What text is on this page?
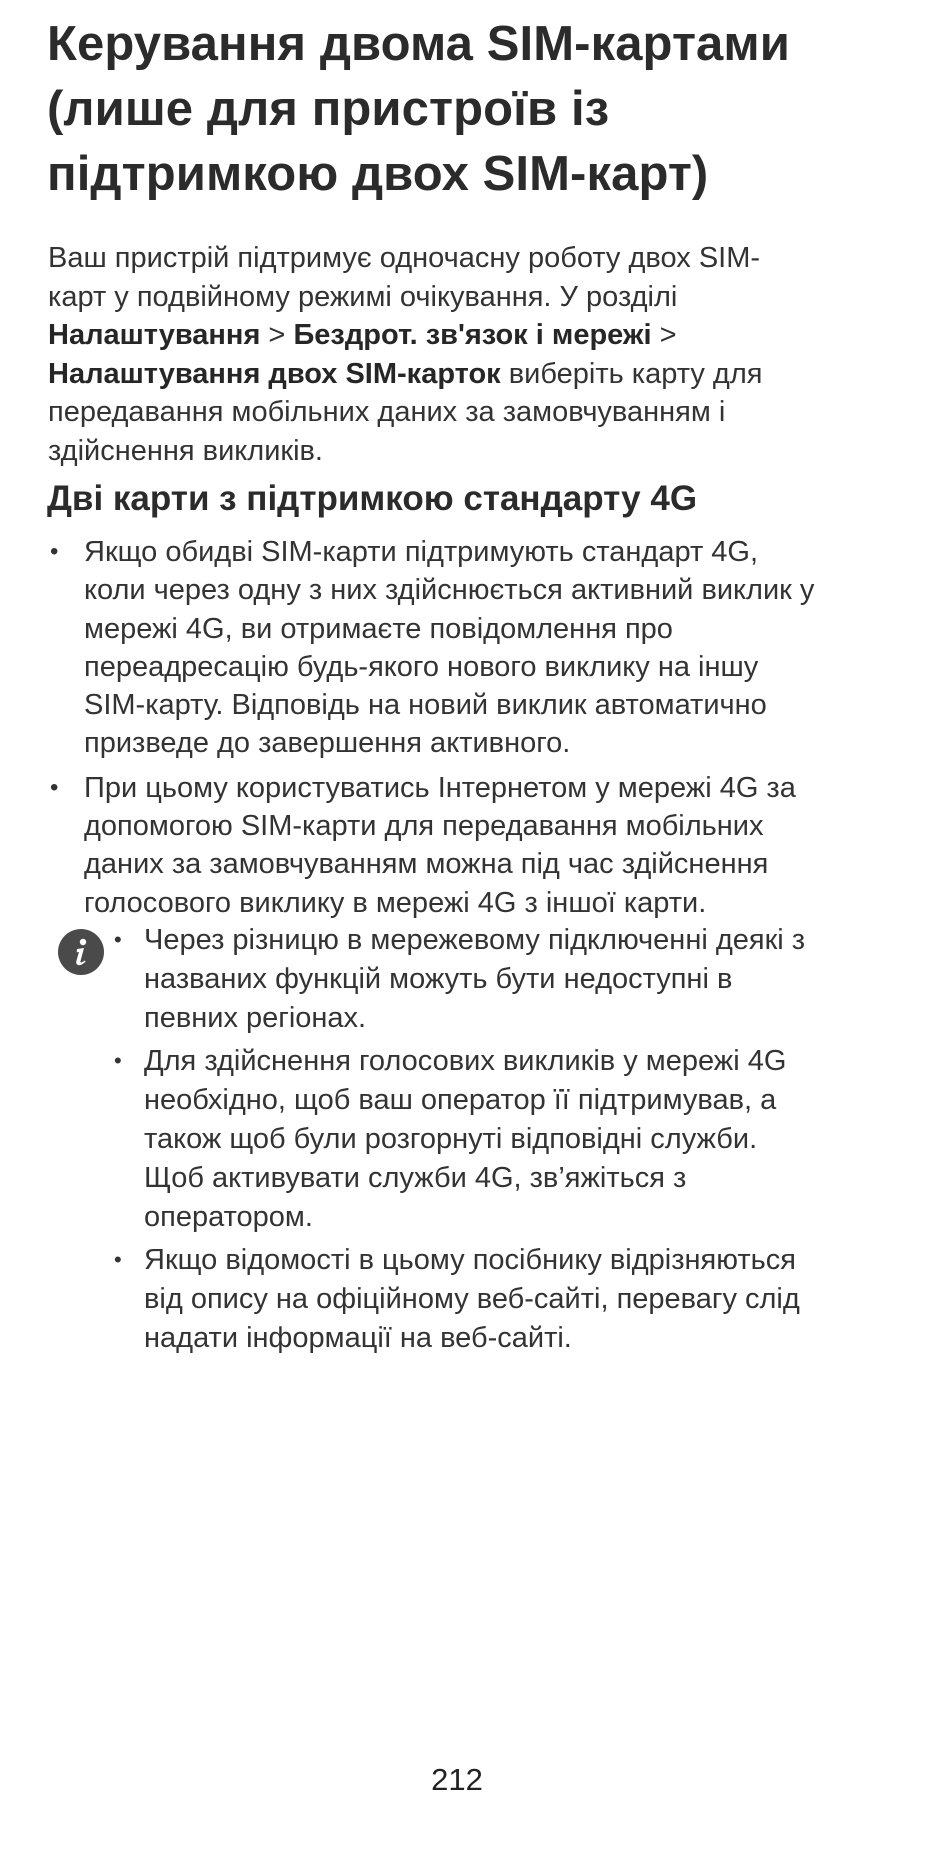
Керування двома SIM-картами
(лише для пристроїв із
підтримкою двох SIM-карт)

Ваш пристрій підтримує одночасну роботу двох SIM-
карт у подвійному режимі очікування. У розділі
Налаштування > Бездрот. зв'язок і мережі >
Налаштування двох SIM-карток виберіть карту для
передавання мобільних даних за замовчуванням і
здійснення викликів.

Дві карти з підтримкою стандарту 4G
• Якщо обидві SIM-карти підтримують стандарт 4G,
коли через одну з них здійснюється активний виклик у
мережі 4G, ви отримаєте повідомлення про
переадресацію будь-якого нового виклику на іншу
SIM-карту. Відповідь на новий виклик автоматично
призведе до завершення активного.
• При цьому користуватись Інтернетом у мережі 4G за
допомогою SIM-карти для передавання мобільних
даних за замовчуванням можна під час здійснення
голосового виклику в мережі 4G з іншої карти.
• Через різницю в мережевому підключенні деякі з
названих функцій можуть бути недоступні в
певних регіонах.
• Для здійснення голосових викликів у мережі 4G
необхідно, щоб ваш оператор її підтримував, а
також щоб були розгорнуті відповідні служби.
Щоб активувати служби 4G, зв’яжіться з
оператором.
• Якщо відомості в цьому посібнику відрізняються
від опису на офіційному веб-сайті, перевагу слід
надати інформації на веб-сайті.
212
